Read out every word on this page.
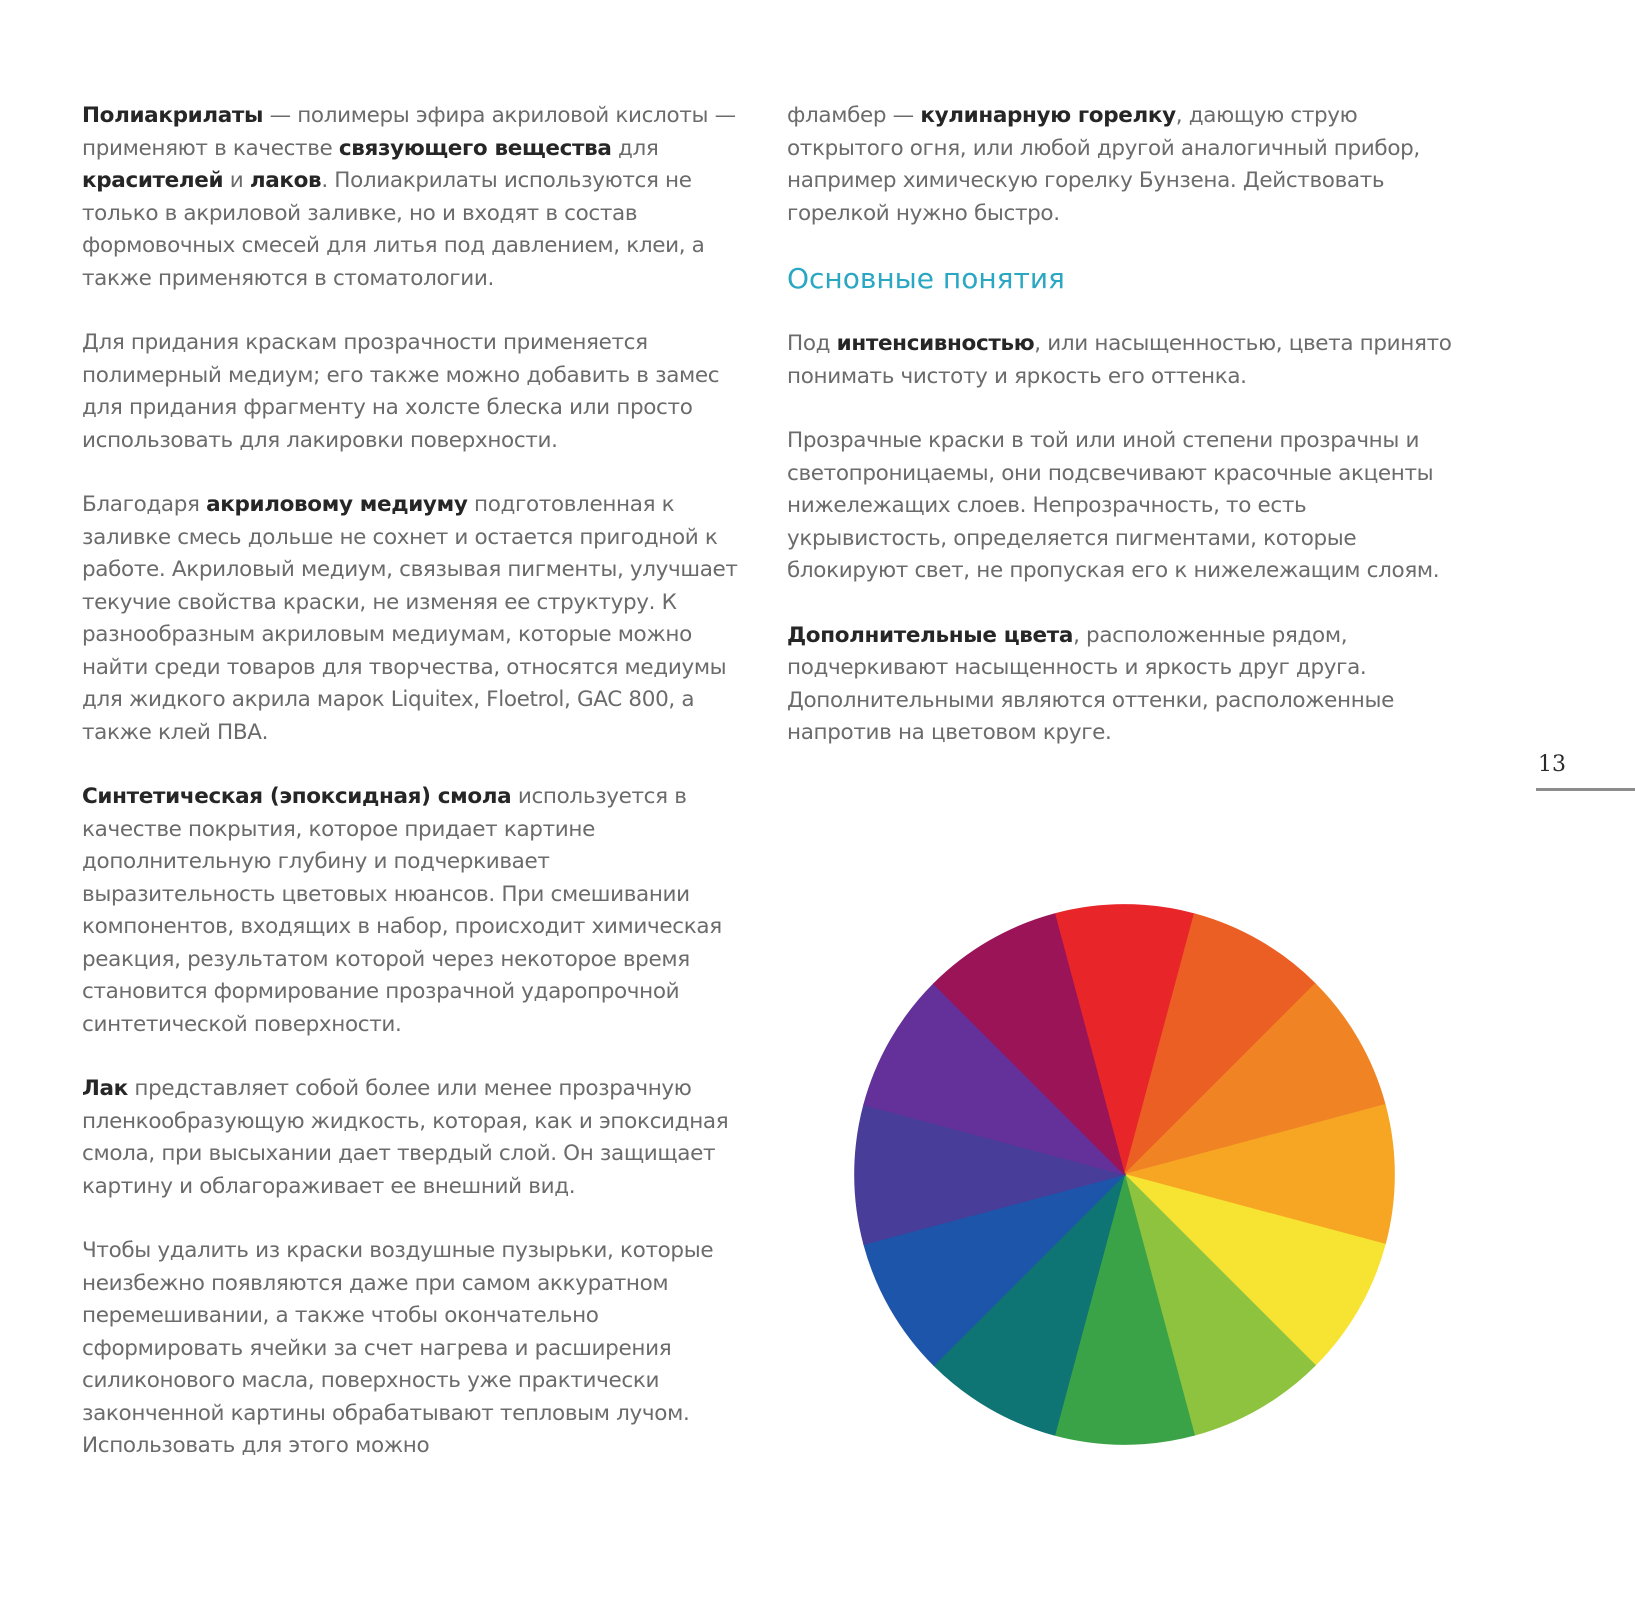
Полиакрилаты — полимеры эфира акриловой кислоты — применяют в качестве связующего вещества для красителей и лаков. Полиакрилаты используются не только в акриловой заливке, но и входят в состав формовочных смесей для литья под давлением, клеи, а также применяются в стоматологии.
Для придания краскам прозрачности применяется полимерный медиум; его также можно добавить в замес для придания фрагменту на холсте блеска или просто использовать для лакировки поверхности.
Благодаря акриловому медиуму подготовленная к заливке смесь дольше не сохнет и остается пригодной к работе. Акриловый медиум, связывая пигменты, улучшает текучие свойства краски, не изменяя ее структуру. К разнообразным акриловым медиумам, которые можно найти среди товаров для творчества, относятся медиумы для жидкого акрила марок Liquitex, Floetrol, GAC 800, а также клей ПВА.
Синтетическая (эпоксидная) смола используется в качестве покрытия, которое придает картине дополнительную глубину и подчеркивает выразительность цветовых нюансов. При смешивании компонентов, входящих в набор, происходит химическая реакция, результатом которой через некоторое время становится формирование прозрачной ударопрочной синтетической поверхности.
Лак представляет собой более или менее прозрачную пленкообразующую жидкость, которая, как и эпоксидная смола, при высыхании дает твердый слой. Он защищает картину и облагораживает ее внешний вид.
Чтобы удалить из краски воздушные пузырьки, которые неизбежно появляются даже при самом аккуратном перемешивании, а также чтобы окончательно сформировать ячейки за счет нагрева и расширения силиконового масла, поверхность уже практически законченной картины обрабатывают тепловым лучом. Использовать для этого можно
фламбер — кулинарную горелку, дающую струю открытого огня, или любой другой аналогичный прибор, например химическую горелку Бунзена. Действовать горелкой нужно быстро.
Основные понятия
Под интенсивностью, или насыщенностью, цвета принято понимать чистоту и яркость его оттенка.
Прозрачные краски в той или иной степени прозрачны и светопроницаемы, они подсвечивают красочные акценты нижележащих слоев. Непрозрачность, то есть укрывистость, определяется пигментами, которые блокируют свет, не пропуская его к нижележащим слоям.
Дополнительные цвета, расположенные рядом, подчеркивают насыщенность и яркость друг друга. Дополнительными являются оттенки, расположенные напротив на цветовом круге.
13
